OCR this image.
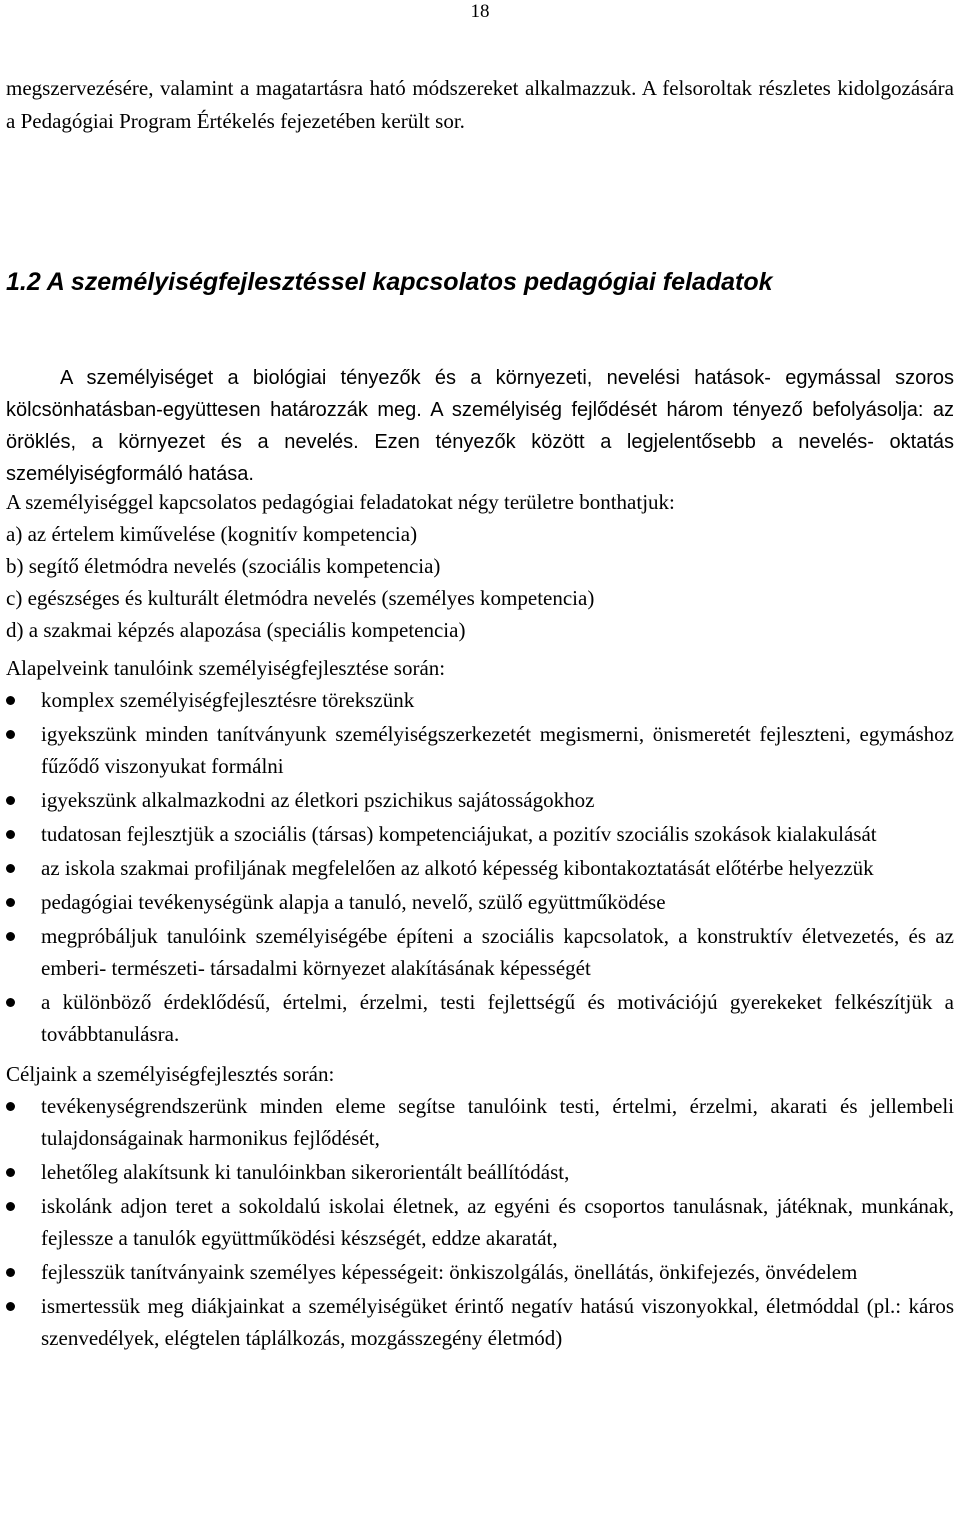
18

megszervezésére, valamint a magatartásra ható módszereket alkalmazzuk. A felsoroltak részletes kidolgozására a Pedagógiai Program Értékelés fejezetében került sor.

1.2 A személyiségfejlesztéssel kapcsolatos pedagógiai feladatok

A személyiséget a biológiai tényezők és a környezeti, nevelési hatások- egymással szoros kölcsönhatásban-együttesen határozzák meg. A személyiség fejlődését három tényező befolyásolja: az öröklés, a környezet és a nevelés. Ezen tényezők között a legjelentősebb a nevelés- oktatás személyiségformáló hatása.

A személyiséggel kapcsolatos pedagógiai feladatokat négy területre bonthatjuk:

a) az értelem kiművelése (kognitív kompetencia)

b) segítő életmódra nevelés (szociális kompetencia)

c) egészséges és kulturált életmódra nevelés (személyes kompetencia)

d) a szakmai képzés alapozása (speciális kompetencia)

Alapelveink tanulóink személyiségfejlesztése során:

komplex személyiségfejlesztésre törekszünk
igyekszünk minden tanítványunk személyiségszerkezetét megismerni, önismeretét fejleszteni, egymáshoz fűződő viszonyukat formálni
igyekszünk alkalmazkodni az életkori pszichikus sajátosságokhoz
tudatosan fejlesztjük a szociális (társas) kompetenciájukat, a pozitív szociális szokások kialakulását
az iskola szakmai profiljának megfelelően az alkotó képesség kibontakoztatását előtérbe helyezzük
pedagógiai tevékenységünk alapja a tanuló, nevelő, szülő együttműködése
megpróbáljuk tanulóink személyiségébe építeni a szociális kapcsolatok, a konstruktív életvezetés, és az emberi- természeti- társadalmi környezet alakításának képességét
a különböző érdeklődésű, értelmi, érzelmi, testi fejlettségű és motivációjú gyerekeket felkészítjük a továbbtanulásra.

Céljaink a személyiségfejlesztés során:

tevékenységrendszerünk minden eleme segítse tanulóink testi, értelmi, érzelmi, akarati és jellembeli tulajdonságainak harmonikus fejlődését,
lehetőleg alakítsunk ki tanulóinkban sikerorientált beállítódást,
iskolánk adjon teret a sokoldalú iskolai életnek, az egyéni és csoportos tanulásnak, játéknak, munkának, fejlessze a tanulók együttműködési készségét, eddze akaratát,
fejlesszük tanítványaink személyes képességeit: önkiszolgálás, önellátás, önkifejezés, önvédelem
ismertessük meg diákjainkat a személyiségüket érintő negatív hatású viszonyokkal, életmóddal (pl.: káros szenvedélyek, elégtelen táplálkozás, mozgásszegény életmód)
